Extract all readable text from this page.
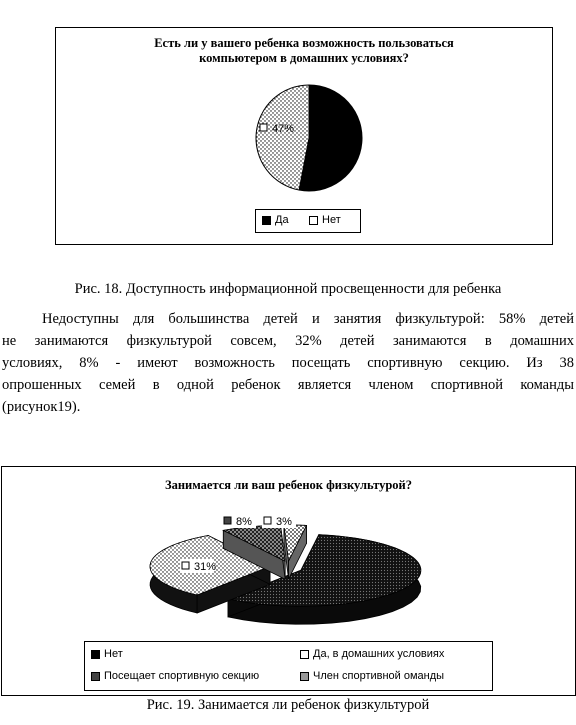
Есть ли у вашего ребенка возможность пользоваться
компьютером в домашних условиях?
47%
Да	Нет
Рис. 18. Доступность информационной просвещенности для ребенка
Недоступны для большинства детей и занятия физкультурой: 58% детей
не занимаются физкультурой совсем, 32% детей занимаются в домашних
условиях, 8% - имеют возможность посещать спортивную секцию. Из 38
опрошенных семей в одной ребенок является членом спортивной команды
(рисунок19).
Занимается ли ваш ребенок физкультурой?
31%
8% 3%
Нет	Да, в домашних условиях
Посещает спортивную секцию	Член спортивной оманды
Рис. 19. Занимается ли ребенок физкультурой
